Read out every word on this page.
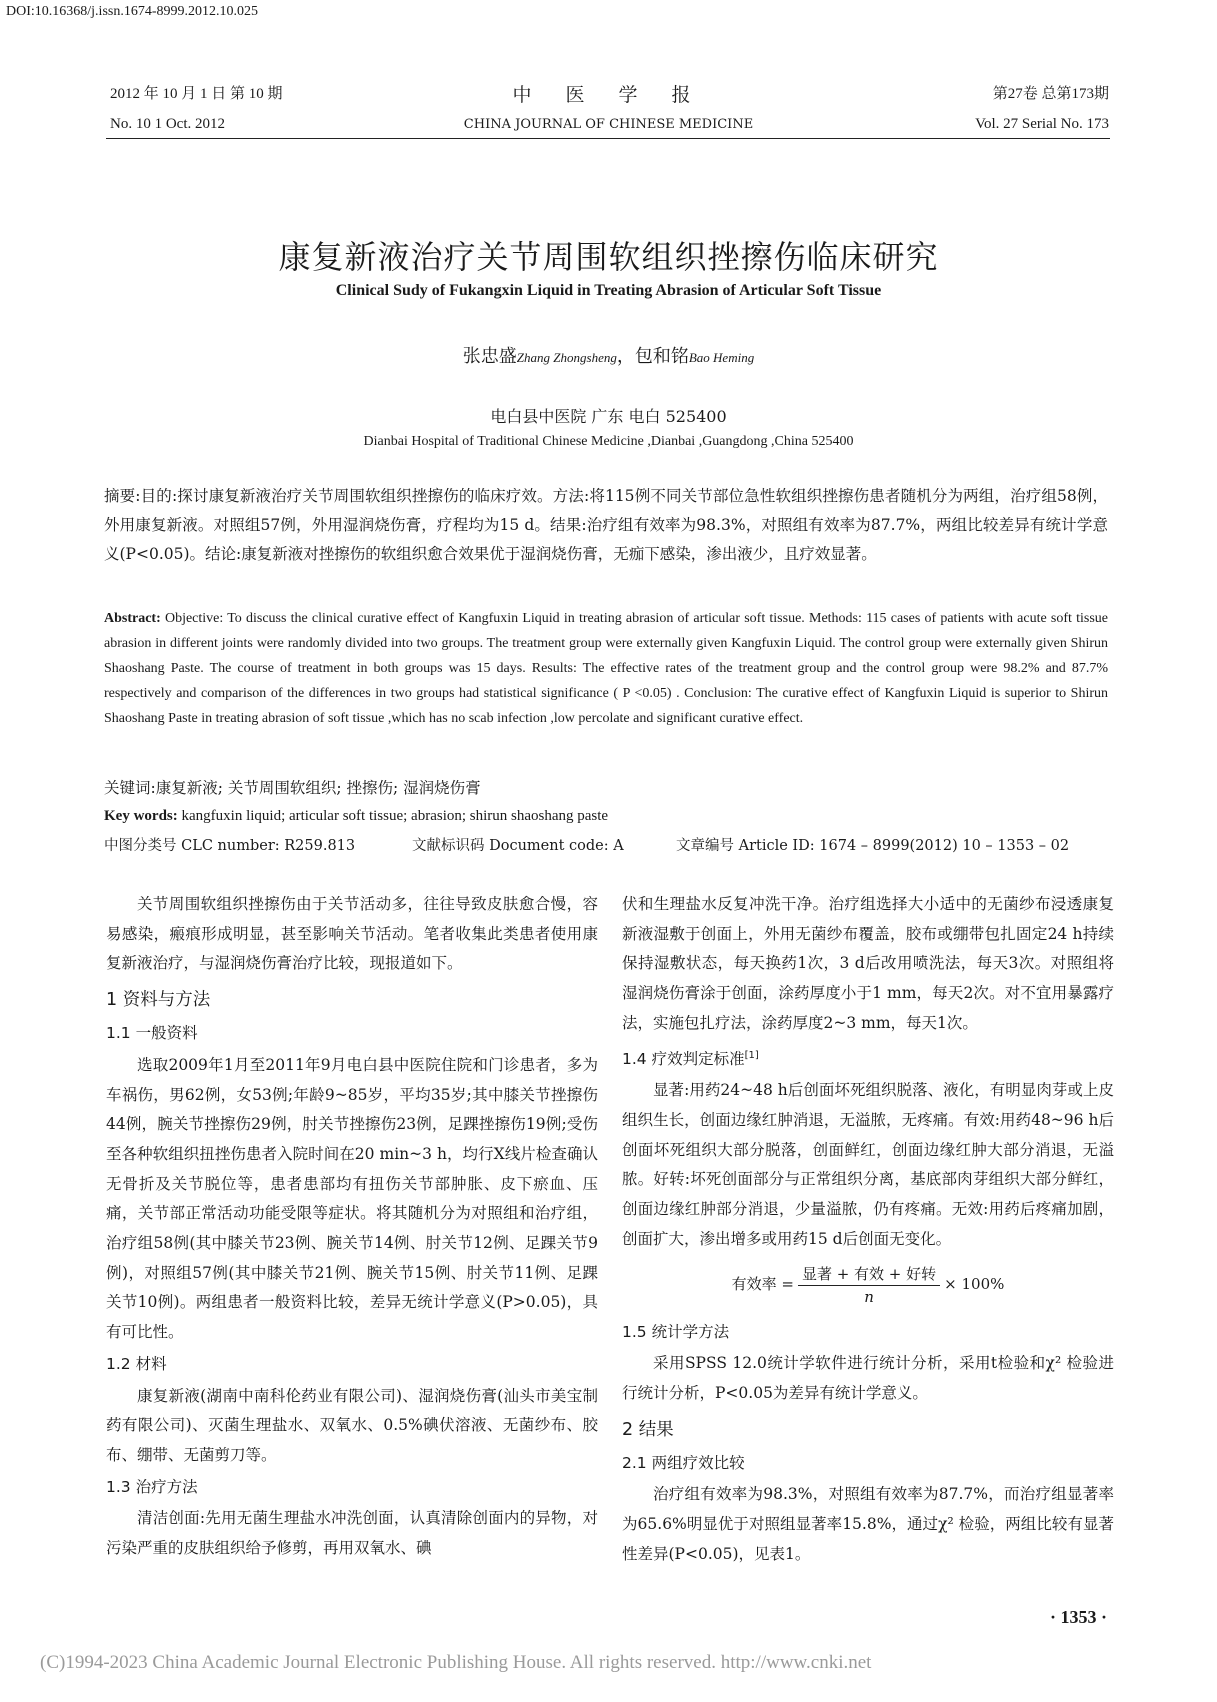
DOI:10.16368/j.issn.1674-8999.2012.10.025
2012 年 10 月 1 日 第 10 期
No. 10 1 Oct. 2012
中 医 学 报
CHINA JOURNAL OF CHINESE MEDICINE
第27卷 总第173期
Vol. 27 Serial No. 173
康复新液治疗关节周围软组织挫擦伤临床研究
Clinical Sudy of Fukangxin Liquid in Treating Abrasion of Articular Soft Tissue
张忠盛Zhang Zhongsheng，包和铭Bao Heming
电白县中医院 广东 电白 525400
Dianbai Hospital of Traditional Chinese Medicine ,Dianbai ,Guangdong ,China 525400
摘要:目的:探讨康复新液治疗关节周围软组织挫擦伤的临床疗效。方法:将115例不同关节部位急性软组织挫擦伤患者随机分为两组，治疗组58例，外用康复新液。对照组57例，外用湿润烧伤膏，疗程均为15 d。结果:治疗组有效率为98.3%，对照组有效率为87.7%，两组比较差异有统计学意义(P<0.05)。结论:康复新液对挫擦伤的软组织愈合效果优于湿润烧伤膏，无痂下感染，渗出液少，且疗效显著。
Abstract: Objective: To discuss the clinical curative effect of Kangfuxin Liquid in treating abrasion of articular soft tissue. Methods: 115 cases of patients with acute soft tissue abrasion in different joints were randomly divided into two groups. The treatment group were externally given Kangfuxin Liquid. The control group were externally given Shirun Shaoshang Paste. The course of treatment in both groups was 15 days. Results: The effective rates of the treatment group and the control group were 98.2% and 87.7% respectively and comparison of the differences in two groups had statistical significance ( P <0.05) . Conclusion: The curative effect of Kangfuxin Liquid is superior to Shirun Shaoshang Paste in treating abrasion of soft tissue ,which has no scab infection ,low percolate and significant curative effect.
关键词:康复新液; 关节周围软组织; 挫擦伤; 湿润烧伤膏
Key words: kangfuxin liquid; articular soft tissue; abrasion; shirun shaoshang paste
中图分类号 CLC number: R259.813	文献标识码 Document code: A	文章编号 Article ID: 1674 – 8999(2012) 10 – 1353 – 02

关节周围软组织挫擦伤由于关节活动多，往往导致皮肤愈合慢，容易感染，瘢痕形成明显，甚至影响关节活动。笔者收集此类患者使用康复新液治疗，与湿润烧伤膏治疗比较，现报道如下。

1 资料与方法
1.1 一般资料

选取2009年1月至2011年9月电白县中医院住院和门诊患者，多为车祸伤，男62例，女53例;年龄9~85岁，平均35岁;其中膝关节挫擦伤44例，腕关节挫擦伤29例，肘关节挫擦伤23例，足踝挫擦伤19例;受伤至各种软组织扭挫伤患者入院时间在20 min~3 h，均行X线片检查确认无骨折及关节脱位等，患者患部均有扭伤关节部肿胀、皮下瘀血、压痛，关节部正常活动功能受限等症状。将其随机分为对照组和治疗组，治疗组58例(其中膝关节23例、腕关节14例、肘关节12例、足踝关节9例)，对照组57例(其中膝关节21例、腕关节15例、肘关节11例、足踝关节10例)。两组患者一般资料比较，差异无统计学意义(P>0.05)，具有可比性。

1.2 材料

康复新液(湖南中南科伦药业有限公司)、湿润烧伤膏(汕头市美宝制药有限公司)、灭菌生理盐水、双氧水、0.5%碘伏溶液、无菌纱布、胶布、绷带、无菌剪刀等。

1.3 治疗方法

清洁创面:先用无菌生理盐水冲洗创面，认真清除创面内的异物，对污染严重的皮肤组织给予修剪，再用双氧水、碘

伏和生理盐水反复冲洗干净。治疗组选择大小适中的无菌纱布浸透康复新液湿敷于创面上，外用无菌纱布覆盖，胶布或绷带包扎固定24 h持续保持湿敷状态，每天换药1次，3 d后改用喷洗法，每天3次。对照组将湿润烧伤膏涂于创面，涂药厚度小于1 mm，每天2次。对不宜用暴露疗法，实施包扎疗法，涂药厚度2~3 mm，每天1次。

1.4 疗效判定标准[1]

显著:用药24~48 h后创面坏死组织脱落、液化，有明显肉芽或上皮组织生长，创面边缘红肿消退，无溢脓，无疼痛。有效:用药48~96 h后创面坏死组织大部分脱落，创面鲜红，创面边缘红肿大部分消退，无溢脓。好转:坏死创面部分与正常组织分离，基底部肉芽组织大部分鲜红，创面边缘红肿部分消退，少量溢脓，仍有疼痛。无效:用药后疼痛加剧，创面扩大，渗出增多或用药15 d后创面无变化。

有效率 = $\frac{\text{显著 + 有效 + 好转}}{n} \times 100\%$
1.5 统计学方法

采用SPSS 12.0统计学软件进行统计分析，采用t检验和χ² 检验进行统计分析，P<0.05为差异有统计学意义。

2 结果
2.1 两组疗效比较

治疗组有效率为98.3%，对照组有效率为87.7%，而治疗组显著率为65.6%明显优于对照组显著率15.8%，通过χ² 检验，两组比较有显著性差异(P<0.05)，见表1。

· 1353 ·
(C)1994-2023 China Academic Journal Electronic Publishing House. All rights reserved. http://www.cnki.net
